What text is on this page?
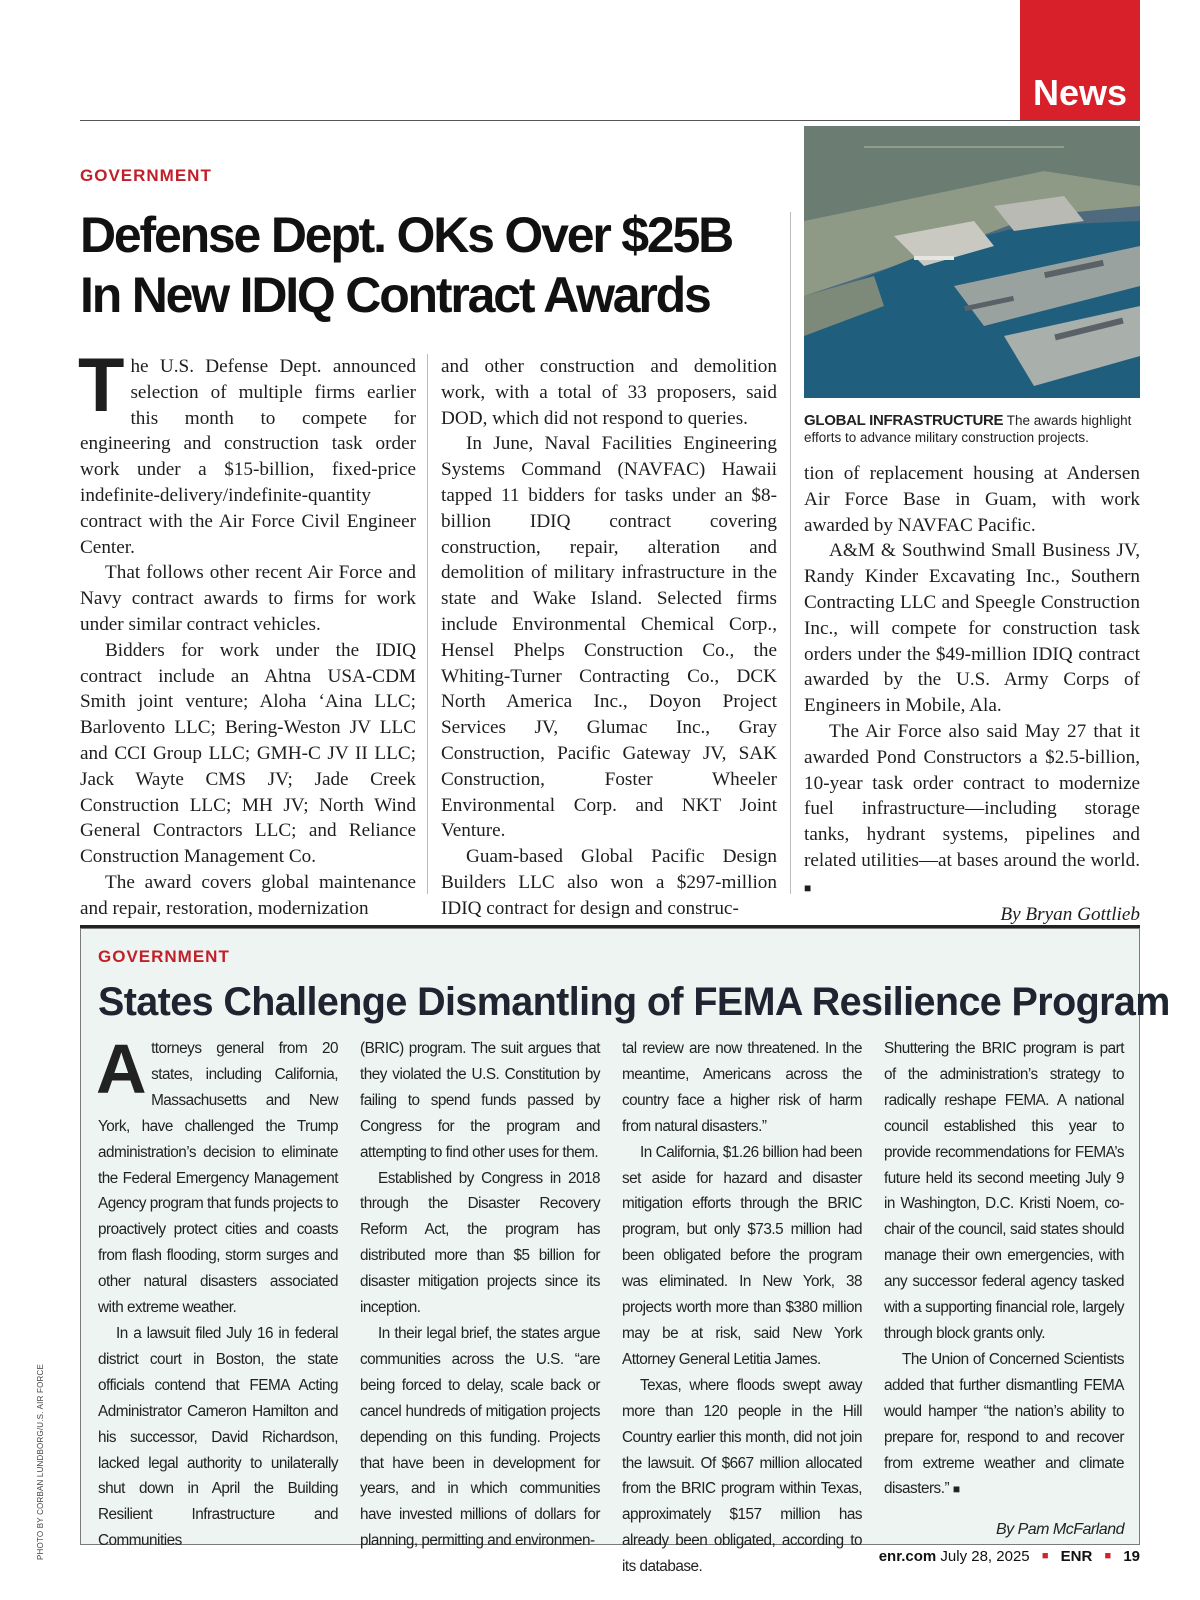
News
GOVERNMENT
Defense Dept. OKs Over $25B
In New IDIQ Contract Awards

The U.S. Defense Dept. announced selection of multiple firms earlier this month to compete for engineering and construction task order work under a $15-billion, fixed-price indefinite-delivery/indefinite-quantity contract with the Air Force Civil Engineer Center.

That follows other recent Air Force and Navy contract awards to firms for work under similar contract vehicles.

Bidders for work under the IDIQ contract include an Ahtna USA-CDM Smith joint venture; Aloha ‘Aina LLC; Barlovento LLC; Bering-Weston JV LLC and CCI Group LLC; GMH-C JV II LLC; Jack Wayte CMS JV; Jade Creek Construction LLC; MH JV; North Wind General Contractors LLC; and Reliance Construction Management Co.

The award covers global maintenance and repair, restoration, modernization

and other construction and demolition work, with a total of 33 proposers, said DOD, which did not respond to queries.

In June, Naval Facilities Engineering Systems Command (NAVFAC) Hawaii tapped 11 bidders for tasks under an $8-billion IDIQ contract covering construction, repair, alteration and demolition of military infrastructure in the state and Wake Island. Selected firms include Environmental Chemical Corp., Hensel Phelps Construction Co., the Whiting-Turner Contracting Co., DCK North America Inc., Doyon Project Services JV, Glumac Inc., Gray Construction, Pacific Gateway JV, SAK Construction, Foster Wheeler Environmental Corp. and NKT Joint Venture.

Guam-based Global Pacific Design Builders LLC also won a $297-million IDIQ contract for design and construc-

GLOBAL INFRASTRUCTURE The awards highlight efforts to advance military construction projects.

tion of replacement housing at Andersen Air Force Base in Guam, with work awarded by NAVFAC Pacific.

A&M & Southwind Small Business JV, Randy Kinder Excavating Inc., Southern Contracting LLC and Speegle Construction Inc., will compete for construction task orders under the $49-million IDIQ contract awarded by the U.S. Army Corps of Engineers in Mobile, Ala.

The Air Force also said May 27 that it awarded Pond Constructors a $2.5-billion, 10-year task order contract to modernize fuel infrastructure—including storage tanks, hydrant systems, pipelines and related utilities—at bases around the world. ■

By Bryan Gottlieb
GOVERNMENT
States Challenge Dismantling of FEMA Resilience Program

Attorneys general from 20 states, including California, Massachusetts and New York, have challenged the Trump administration’s decision to eliminate the Federal Emergency Management Agency program that funds projects to proactively protect cities and coasts from flash flooding, storm surges and other natural disasters associated with extreme weather.

In a lawsuit filed July 16 in federal district court in Boston, the state officials contend that FEMA Acting Administrator Cameron Hamilton and his successor, David Richardson, lacked legal authority to unilaterally shut down in April the Building Resilient Infrastructure and Communities

(BRIC) program. The suit argues that they violated the U.S. Constitution by failing to spend funds passed by Congress for the program and attempting to find other uses for them.

Established by Congress in 2018 through the Disaster Recovery Reform Act, the program has distributed more than $5 billion for disaster mitigation projects since its inception.

In their legal brief, the states argue communities across the U.S. “are being forced to delay, scale back or cancel hundreds of mitigation projects depending on this funding. Projects that have been in development for years, and in which communities have invested millions of dollars for planning, permitting and environmen-

tal review are now threatened. In the meantime, Americans across the country face a higher risk of harm from natural disasters.”

In California, $1.26 billion had been set aside for hazard and disaster mitigation efforts through the BRIC program, but only $73.5 million had been obligated before the program was eliminated. In New York, 38 projects worth more than $380 million may be at risk, said New York Attorney General Letitia James.

Texas, where floods swept away more than 120 people in the Hill Country earlier this month, did not join the lawsuit. Of $667 million allocated from the BRIC program within Texas, approximately $157 million has already been obligated, according to its database.

Shuttering the BRIC program is part of the administration’s strategy to radically reshape FEMA. A national council established this year to provide recommendations for FEMA’s future held its second meeting July 9 in Washington, D.C. Kristi Noem, co-chair of the council, said states should manage their own emergencies, with any successor federal agency tasked with a supporting financial role, largely through block grants only.

The Union of Concerned Scientists added that further dismantling FEMA would hamper “the nation’s ability to prepare for, respond to and recover from extreme weather and climate disasters.” ■

By Pam McFarland
PHOTO BY CORBAN LUNDBORG/U.S. AIR FORCE	enr.com July 28, 2025 ■ ENR ■ 19
